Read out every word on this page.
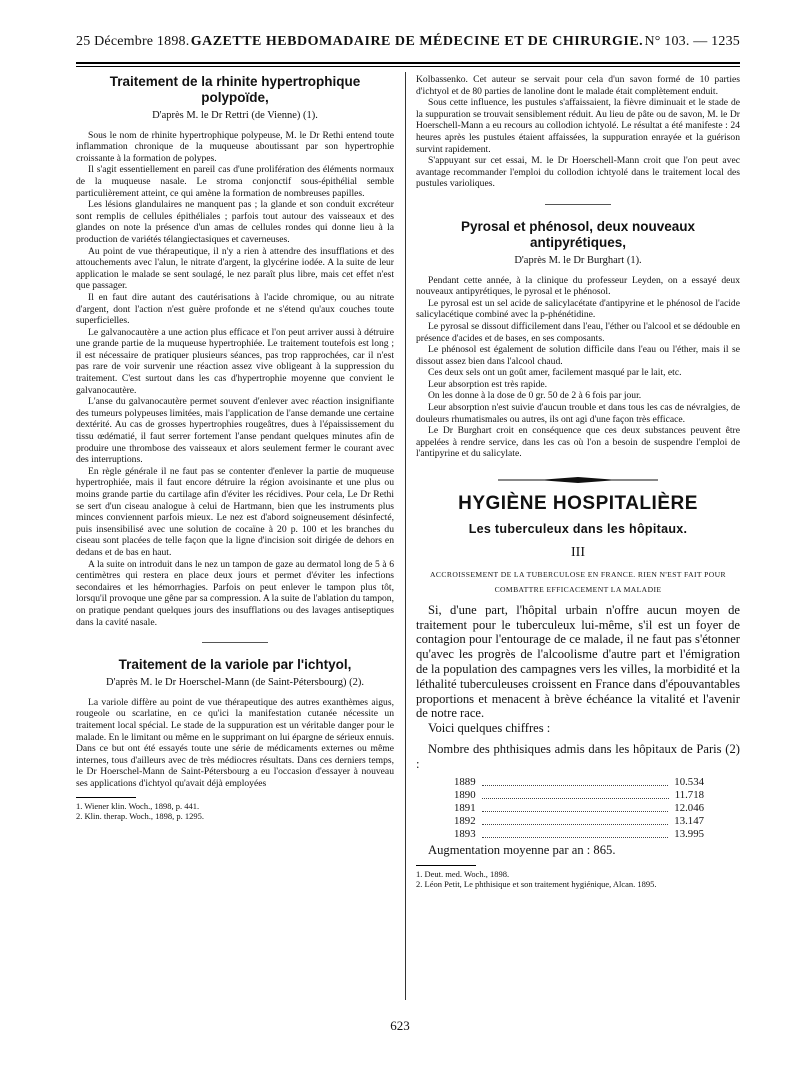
25 Décembre 1898. GAZETTE HEBDOMADAIRE DE MÉDECINE ET DE CHIRURGIE. N° 103. — 1235
Traitement de la rhinite hypertrophique polypoïde,
D'après M. le Dr Rettri (de Vienne) (1).

Sous le nom de rhinite hypertrophique polypeuse, M. le Dr Rethi entend toute inflammation chronique de la muqueuse aboutissant par son hypertrophie croissante à la formation de polypes.

Il s'agit essentiellement en pareil cas d'une prolifération des éléments normaux de la muqueuse nasale. Le stroma conjonctif sous-épithélial semble particulièrement atteint, ce qui amène la formation de nombreuses papilles.

Les lésions glandulaires ne manquent pas ; la glande et son conduit excréteur sont remplis de cellules épithéliales ; parfois tout autour des vaisseaux et des glandes on note la présence d'un amas de cellules rondes qui donne lieu à la production de variétés télangiectasiques et caverneuses.

Au point de vue thérapeutique, il n'y a rien à attendre des insufflations et des attouchements avec l'alun, le nitrate d'argent, la glycérine iodée. A la suite de leur application le malade se sent soulagé, le nez paraît plus libre, mais cet effet n'est que passager.

Il en faut dire autant des cautérisations à l'acide chromique, ou au nitrate d'argent, dont l'action n'est guère profonde et ne s'étend qu'aux couches toute superficielles.

Le galvanocautère a une action plus efficace et l'on peut arriver aussi à détruire une grande partie de la muqueuse hypertrophiée. Le traitement toutefois est long ; il est nécessaire de pratiquer plusieurs séances, pas trop rapprochées, car il n'est pas rare de voir survenir une réaction assez vive obligeant à la suppression du traitement. C'est surtout dans les cas d'hypertrophie moyenne que convient le galvanocautère.

L'anse du galvanocautère permet souvent d'enlever avec réaction insignifiante des tumeurs polypeuses limitées, mais l'application de l'anse demande une certaine dextérité. Au cas de grosses hypertrophies rougeâtres, dues à l'épaississement du tissu œdématié, il faut serrer fortement l'anse pendant quelques minutes afin de produire une thrombose des vaisseaux et alors seulement fermer le courant avec des interruptions.

En règle générale il ne faut pas se contenter d'enlever la partie de muqueuse hypertrophiée, mais il faut encore détruire la région avoisinante et une plus ou moins grande partie du cartilage afin d'éviter les récidives. Pour cela, Le Dr Rethi se sert d'un ciseau analogue à celui de Hartmann, bien que les instruments plus minces conviennent parfois mieux. Le nez est d'abord soigneusement désinfecté, puis insensibilisé avec une solution de cocaïne à 20 p. 100 et les branches du ciseau sont placées de telle façon que la ligne d'incision soit dirigée de dehors en dedans et de bas en haut.

A la suite on introduit dans le nez un tampon de gaze au dermatol long de 5 à 6 centimètres qui restera en place deux jours et permet d'éviter les infections secondaires et les hémorrhagies. Parfois on peut enlever le tampon plus tôt, lorsqu'il provoque une gêne par sa compression. A la suite de l'ablation du tampon, on pratique pendant quelques jours des insufflations ou des lavages antiseptiques dans la cavité nasale.

Traitement de la variole par l'ichtyol,
D'après M. le Dr Hoerschel-Mann (de Saint-Pétersbourg) (2).

La variole diffère au point de vue thérapeutique des autres exanthèmes aigus, rougeole ou scarlatine, en ce qu'ici la manifestation cutanée nécessite un traitement local spécial. Le stade de la suppuration est un véritable danger pour le malade. En le limitant ou même en le supprimant on lui épargne de sérieux ennuis. Dans ce but ont été essayés toute une série de médicaments externes ou même internes, tous d'ailleurs avec de très médiocres résultats. Dans ces derniers temps, le Dr Hoerschel-Mann de Saint-Pétersbourg a eu l'occasion d'essayer à nouveau ses applications d'ichtyol qu'avait déjà employées

1. Wiener klin. Woch., 1898, p. 441.

2. Klin. therap. Woch., 1898, p. 1295.

Kolbassenko. Cet auteur se servait pour cela d'un savon formé de 10 parties d'ichtyol et de 80 parties de lanoline dont le malade était complètement enduit.

Sous cette influence, les pustules s'affaissaient, la fièvre diminuait et le stade de la suppuration se trouvait sensiblement réduit. Au lieu de pâte ou de savon, M. le Dr Hoerschell-Mann a eu recours au collodion ichtyolé. Le résultat a été manifeste : 24 heures après les pustules étaient affaissées, la suppuration enrayée et la guérison survint rapidement.

S'appuyant sur cet essai, M. le Dr Hoerschell-Mann croit que l'on peut avec avantage recommander l'emploi du collodion ichtyolé dans le traitement local des pustules varioliques.

Pyrosal et phénosol, deux nouveaux antipyrétiques,
D'après M. le Dr Burghart (1).

Pendant cette année, à la clinique du professeur Leyden, on a essayé deux nouveaux antipyrétiques, le pyrosal et le phénosol.

Le pyrosal est un sel acide de salicylacétate d'antipyrine et le phénosol de l'acide salicylacétique combiné avec la p-phénétidine.

Le pyrosal se dissout difficilement dans l'eau, l'éther ou l'alcool et se dédouble en présence d'acides et de bases, en ses composants.

Le phénosol est également de solution difficile dans l'eau ou l'éther, mais il se dissout assez bien dans l'alcool chaud.

Ces deux sels ont un goût amer, facilement masqué par le lait, etc.

Leur absorption est très rapide.

On les donne à la dose de 0 gr. 50 de 2 à 6 fois par jour.

Leur absorption n'est suivie d'aucun trouble et dans tous les cas de névralgies, de douleurs rhumatismales ou autres, ils ont agi d'une façon très efficace.

Le Dr Burghart croit en conséquence que ces deux substances peuvent être appelées à rendre service, dans les cas où l'on a besoin de suspendre l'emploi de l'antipyrine et du salicylate.

HYGIÈNE HOSPITALIÈRE
Les tuberculeux dans les hôpitaux.
III
ACCROISSEMENT DE LA TUBERCULOSE EN FRANCE. RIEN N'EST FAIT POUR COMBATTRE EFFICACEMENT LA MALADIE

Si, d'une part, l'hôpital urbain n'offre aucun moyen de traitement pour le tuberculeux lui-même, s'il est un foyer de contagion pour l'entourage de ce malade, il ne faut pas s'étonner qu'avec les progrès de l'alcoolisme d'autre part et l'émigration de la population des campagnes vers les villes, la morbidité et la léthalité tuberculeuses croissent en France dans d'épouvantables proportions et menacent à brève échéance la vitalité et l'avenir de notre race.

Voici quelques chiffres :

Nombre des phthisiques admis dans les hôpitaux de Paris (2) :

1889	10.534
1890	11.718
1891	12.046
1892	13.147
1893	13.995

Augmentation moyenne par an : 865.

1. Deut. med. Woch., 1898.

2. Léon Petit, Le phthisique et son traitement hygiénique, Alcan. 1895.

623
